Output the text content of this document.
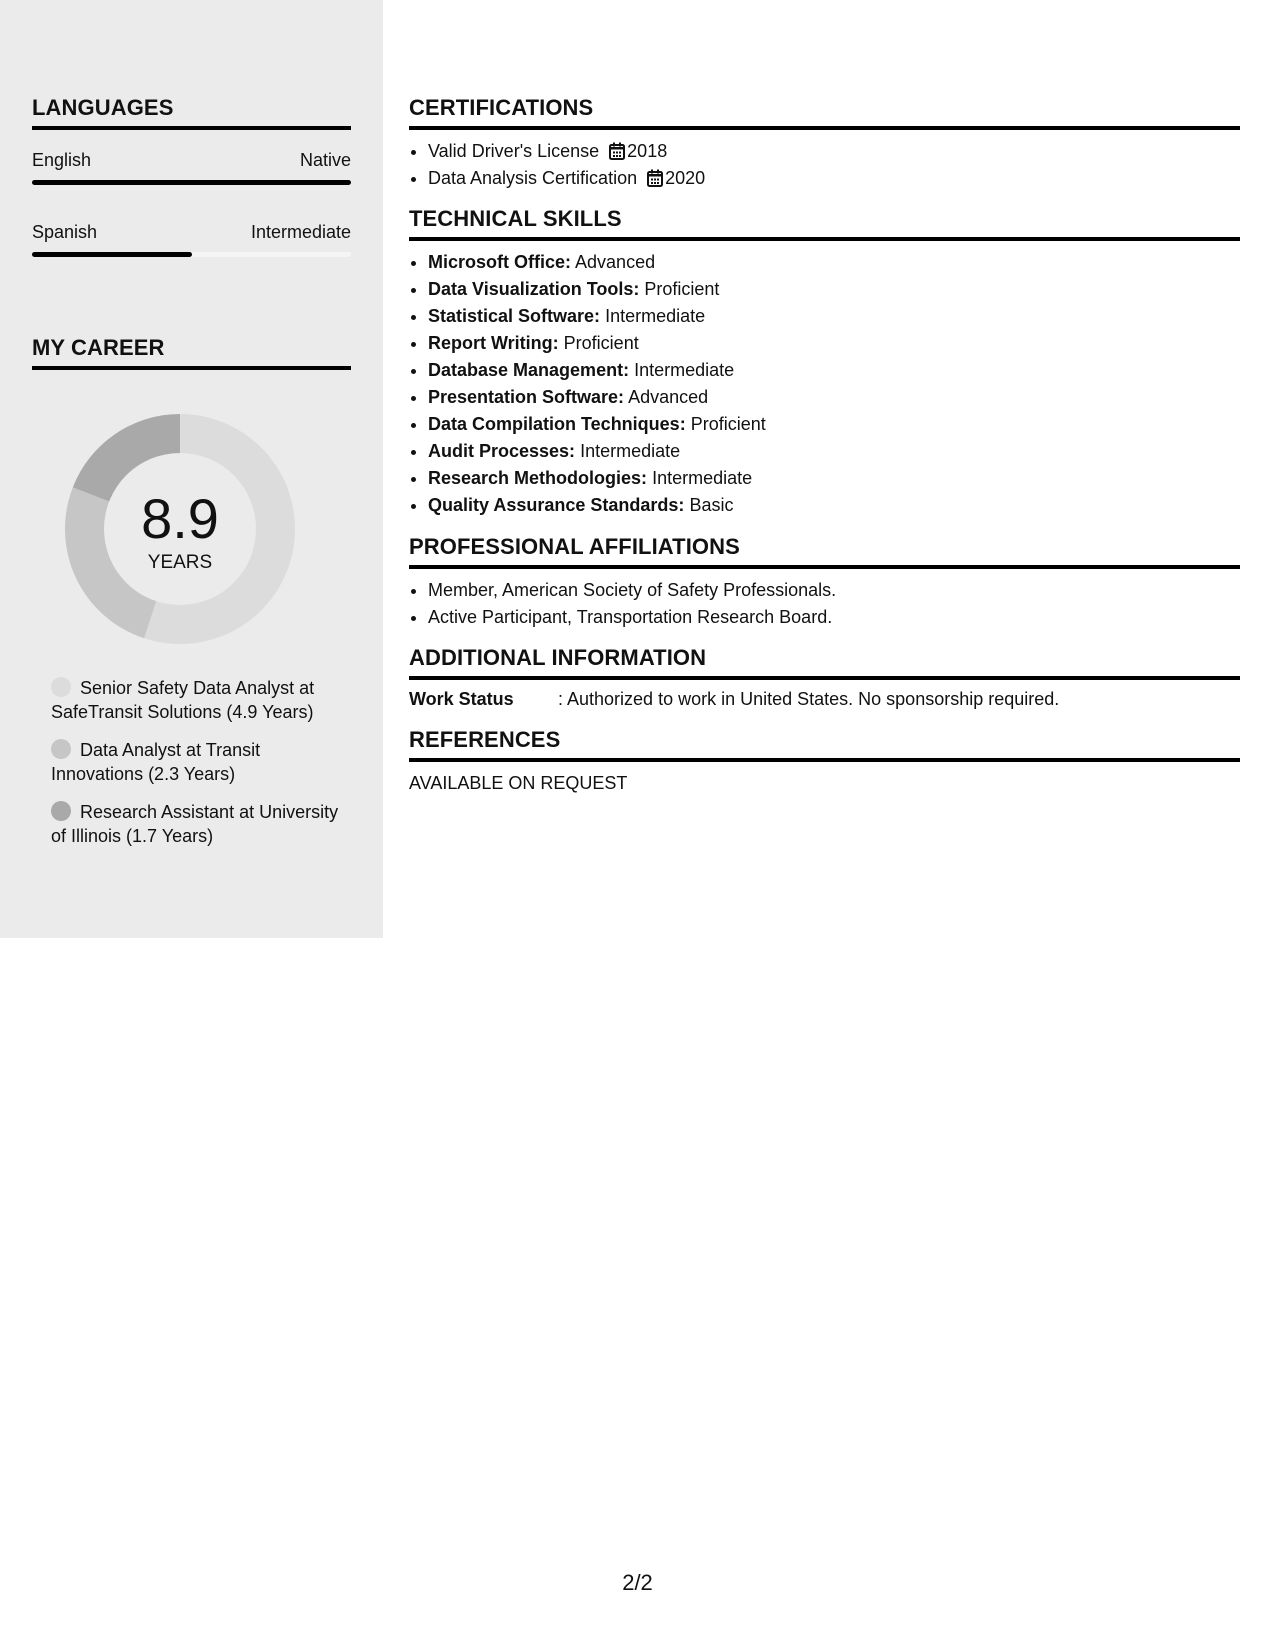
LANGUAGES
English	Native
Spanish	Intermediate
MY CAREER
8.9
YEARS
Senior Safety Data Analyst at SafeTransit Solutions (4.9 Years)
Data Analyst at Transit Innovations (2.3 Years)
Research Assistant at University of Illinois (1.7 Years)
CERTIFICATIONS
• Valid Driver's License 2018
• Data Analysis Certification 2020
TECHNICAL SKILLS
• Microsoft Office: Advanced
• Data Visualization Tools: Proficient
• Statistical Software: Intermediate
• Report Writing: Proficient
• Database Management: Intermediate
• Presentation Software: Advanced
• Data Compilation Techniques: Proficient
• Audit Processes: Intermediate
• Research Methodologies: Intermediate
• Quality Assurance Standards: Basic
PROFESSIONAL AFFILIATIONS
• Member, American Society of Safety Professionals.
• Active Participant, Transportation Research Board.
ADDITIONAL INFORMATION
Work Status	: Authorized to work in United States. No sponsorship required.
REFERENCES
AVAILABLE ON REQUEST
2/2
